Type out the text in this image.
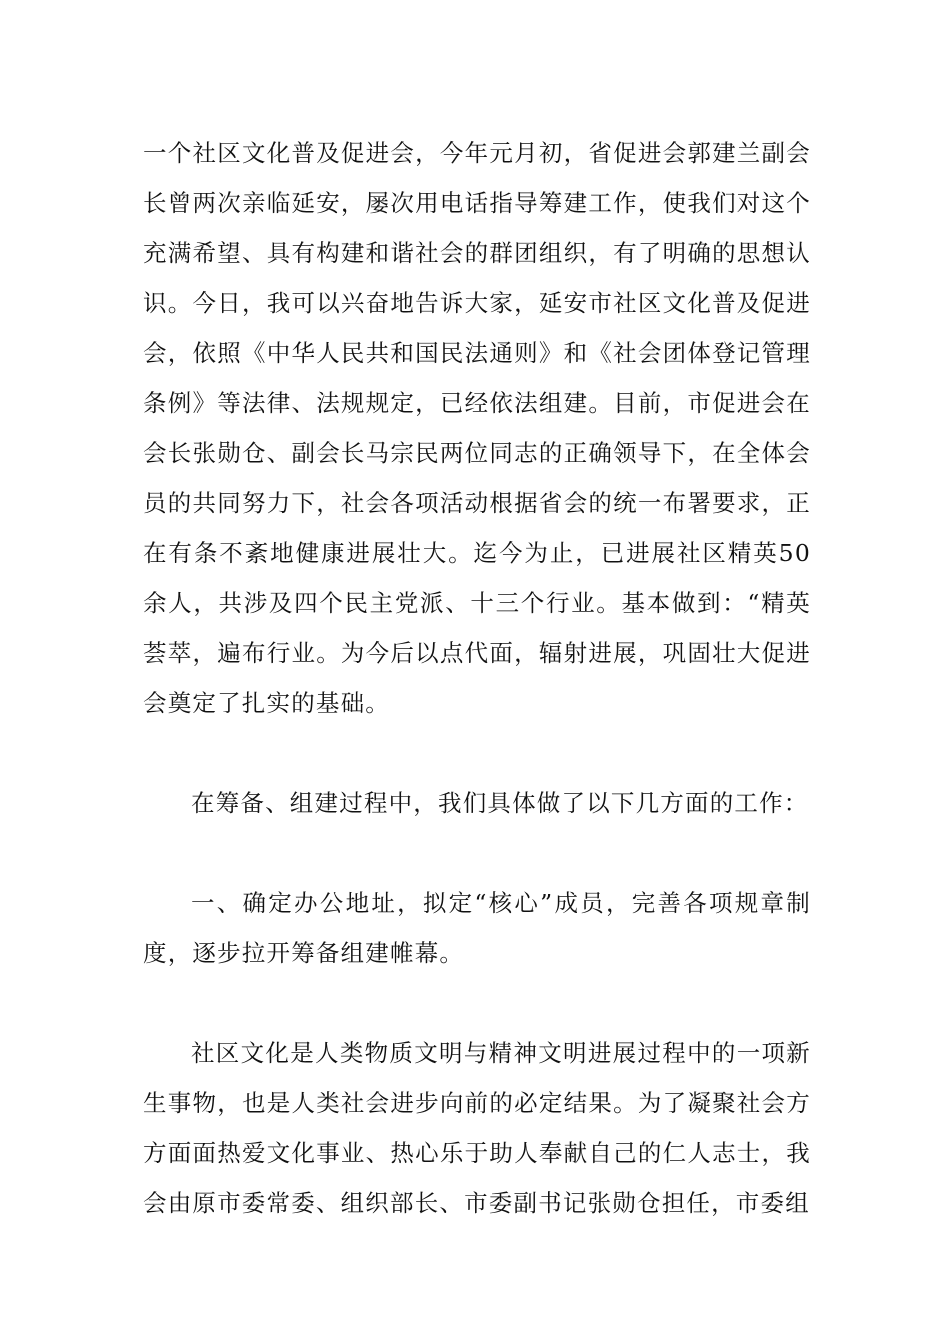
一个社区文化普及促进会，今年元月初，省促进会郭建兰副会长曾两次亲临延安，屡次用电话指导筹建工作，使我们对这个充满希望、具有构建和谐社会的群团组织，有了明确的思想认识。今日，我可以兴奋地告诉大家，延安市社区文化普及促进会，依照《中华人民共和国民法通则》和《社会团体登记管理条例》等法律、法规规定，已经依法组建。目前，市促进会在会长张勋仓、副会长马宗民两位同志的正确领导下，在全体会员的共同努力下，社会各项活动根据省会的统一布署要求，正在有条不紊地健康进展壮大。迄今为止，已进展社区精英50余人，共涉及四个民主党派、十三个行业。基本做到：“精英荟萃，遍布行业。为今后以点代面，辐射进展，巩固壮大促进会奠定了扎实的基础。

在筹备、组建过程中，我们具体做了以下几方面的工作：

一、确定办公地址，拟定“核心”成员，完善各项规章制度，逐步拉开筹备组建帷幕。

社区文化是人类物质文明与精神文明进展过程中的一项新生事物，也是人类社会进步向前的必定结果。为了凝聚社会方方面面热爱文化事业、热心乐于助人奉献自己的仁人志士，我会由原市委常委、组织部长、市委副书记张勋仓担任，市委组
